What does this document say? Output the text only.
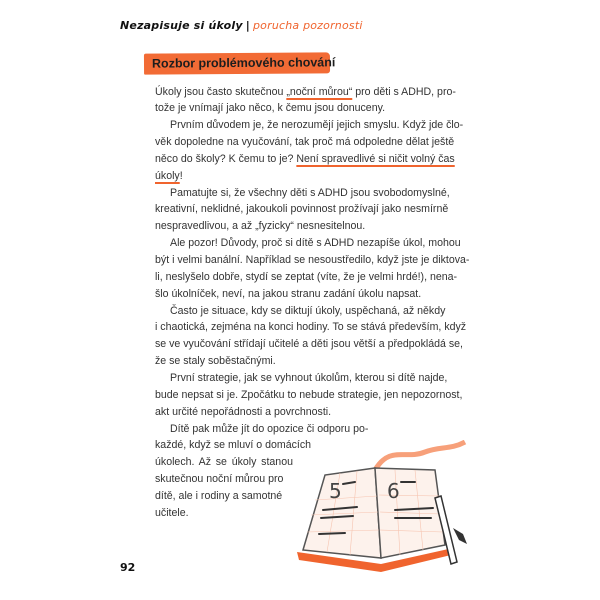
Nezapisuje si úkoly | porucha pozornosti
Rozbor problémového chování
Úkoly jsou často skutečnou „noční můrou“ pro děti s ADHD, pro-
tože je vnímají jako něco, k čemu jsou donuceny.
Prvním důvodem je, že nerozumějí jejich smyslu. Když jde člo-
věk dopoledne na vyučování, tak proč má odpoledne dělat ještě
něco do školy? K čemu to je? Není spravedlivé si ničit volný čas
úkoly!
Pamatujte si, že všechny děti s ADHD jsou svobodomyslné,
kreativní, neklidné, jakoukoli povinnost prožívají jako nesmírně
nespravedlivou, a až „fyzicky“ nesnesitelnou.
Ale pozor! Důvody, proč si dítě s ADHD nezapíše úkol, mohou
být i velmi banální. Například se nesoustředilo, když jste je diktova-
li, neslyšelo dobře, stydí se zeptat (víte, že je velmi hrdé!), nena-
šlo úkolníček, neví, na jakou stranu zadání úkolu napsat.
Často je situace, kdy se diktují úkoly, uspěchaná, až někdy
i chaotická, zejména na konci hodiny. To se stává především, když
se ve vyučování střídají učitelé a děti jsou větší a předpokládá se,
že se staly soběstačnými.
První strategie, jak se vyhnout úkolům, kterou si dítě najde,
bude nepsat si je. Zpočátku to nebude strategie, jen nepozornost,
akt určité nepořádnosti a povrchnosti.
Dítě pak může jít do opozice či odporu po-
každé, když se mluví o domácích
úkolech. Až se úkoly stanou
skutečnou noční můrou pro
dítě, ale i rodiny a samotné
učitele.
5 6
92
